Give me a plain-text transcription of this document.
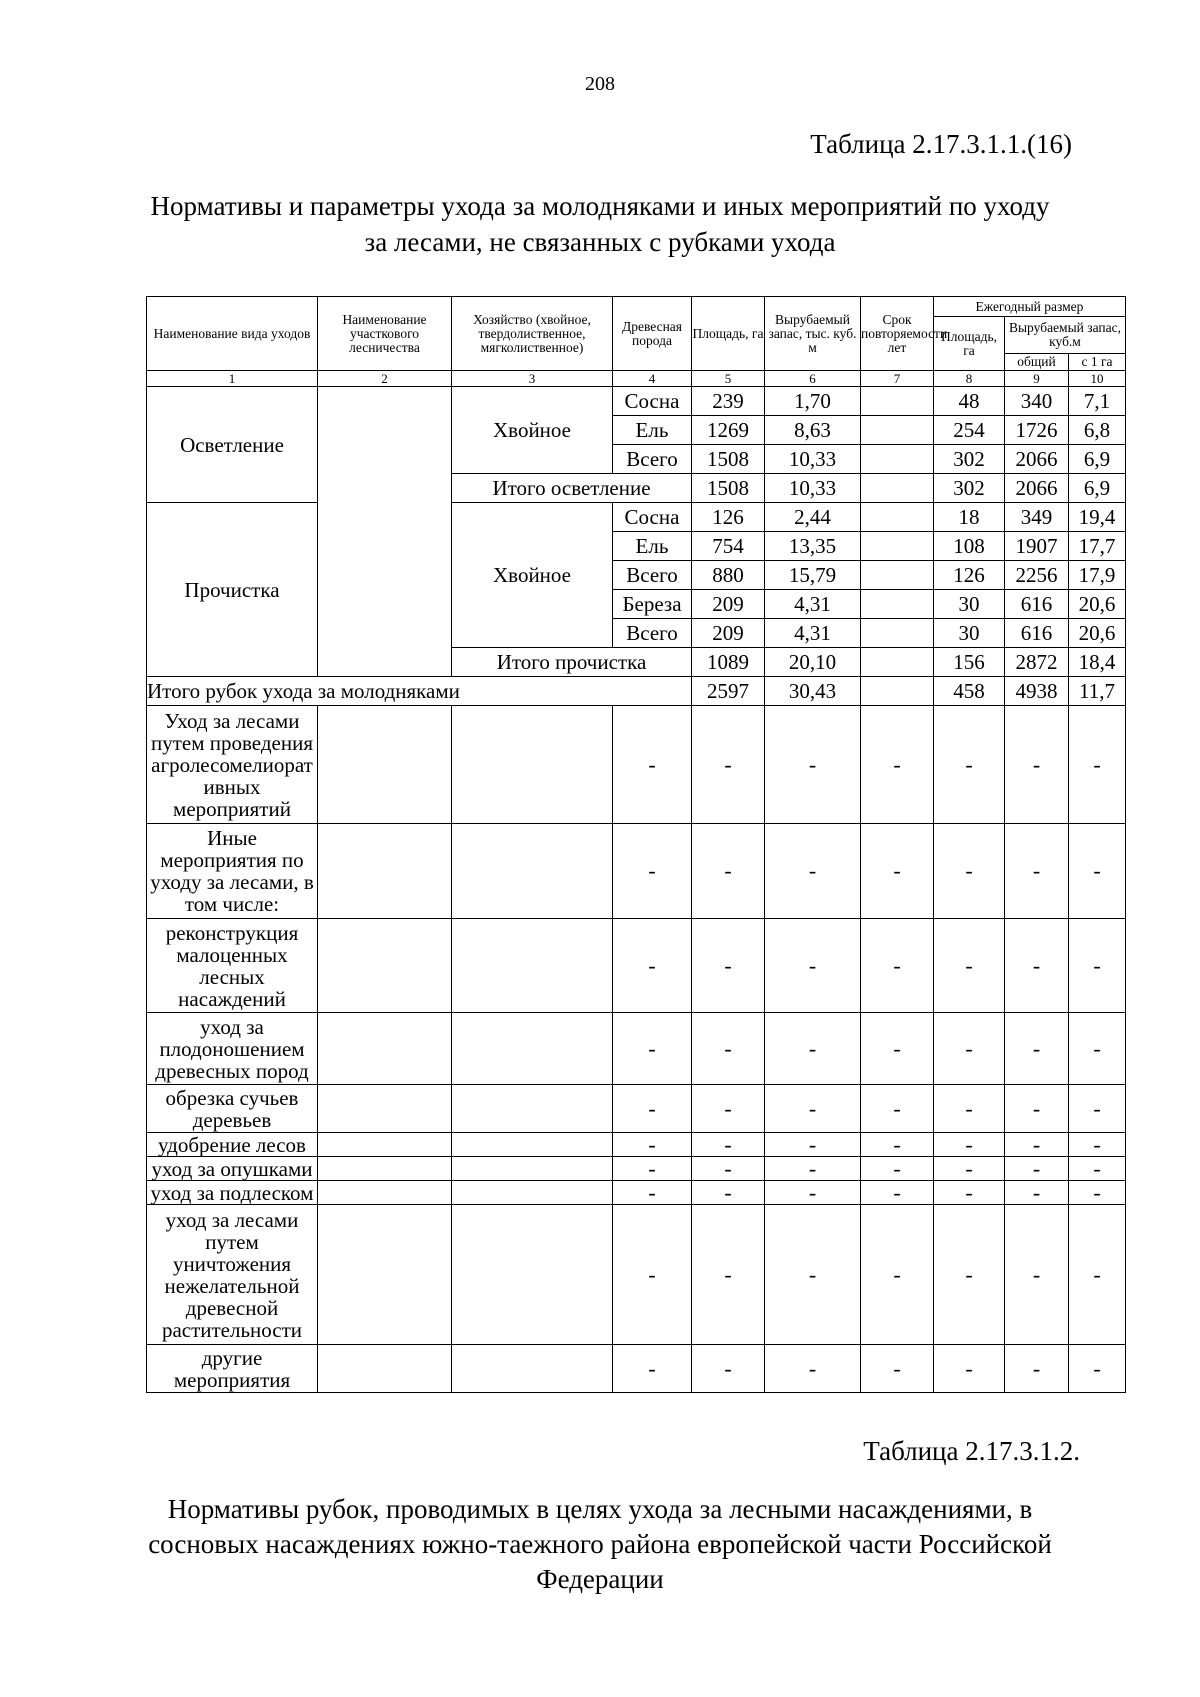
208
Таблица 2.17.3.1.1.(16)
Нормативы и параметры ухода за молодняками и иных мероприятий по уходу за лесами, не связанных с рубками ухода
Наименование вида уходов	Наименование участкового лесничества	Хозяйство (хвойное, твердолиственное, мягколиственное)	Древесная порода	Площадь, га	Вырубаемый запас, тыс. куб. м	Срок повторяемости лет	Ежегодный размер		
							Площадь, га	Вырубаемый запас, куб.м	
								общий	с 1 га
1	2	3	4	5	6	7	8	9	10
Осветление		Хвойное	Сосна	239	1,70		48	340	7,1
			Ель	1269	8,63		254	1726	6,8
			Всего	1508	10,33		302	2066	6,9
		Итого осветление		1508	10,33		302	2066	6,9
Прочистка		Хвойное	Сосна	126	2,44		18	349	19,4
			Ель	754	13,35		108	1907	17,7
			Всего	880	15,79		126	2256	17,9
			Береза	209	4,31		30	616	20,6
			Всего	209	4,31		30	616	20,6
		Итого прочистка		1089	20,10		156	2872	18,4
Итого рубок ухода за молодняками				2597	30,43		458	4938	11,7
Уход за лесами путем проведения агролесомелиорат ивных мероприятий			-	-	-	-	-	-	-
Иные мероприятия по уходу за лесами, в том числе:			-	-	-	-	-	-	-
реконструкция малоценных лесных насаждений			-	-	-	-	-	-	-
уход за плодоношением древесных пород			-	-	-	-	-	-	-
обрезка сучьев деревьев			-	-	-	-	-	-	-
удобрение лесов			-	-	-	-	-	-	-
уход за опушками			-	-	-	-	-	-	-
уход за подлеском			-	-	-	-	-	-	-
уход за лесами путем уничтожения нежелательной древесной растительности			-	-	-	-	-	-	-
другие мероприятия			-	-	-	-	-	-	-
Таблица 2.17.3.1.2.
Нормативы рубок, проводимых в целях ухода за лесными насаждениями, в сосновых насаждениях южно-таежного района европейской части Российской Федерации
